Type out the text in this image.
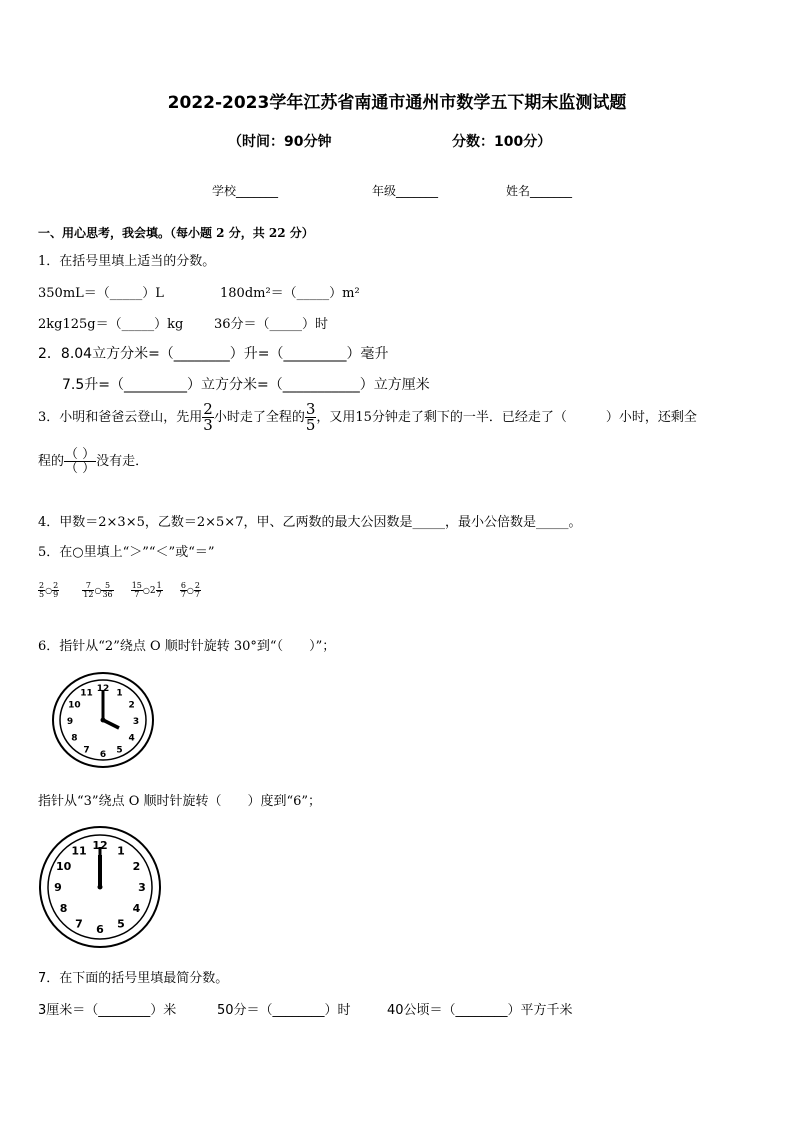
2022-2023学年江苏省南通市通州市数学五下期末监测试题
（时间：90分钟	分数：100分）
学校_______	年级_______	姓名_______
一、用心思考，我会填。（每小题 2 分，共 22 分）
1．在括号里填上适当的分数。
350mL＝（_____）L	180dm²＝（_____）m²
2kg125g＝（_____）kg 36分＝（_____）时
2．8.04立方分米=（________）升=（_________）毫升
7.5升=（_________）立方分米=（___________）立方厘米
3．小明和爸爸云登山，先用 $\frac{2}{3}$ 小时走了全程的 $\frac{3}{5}$ ，又用15分钟走了剩下的一半．已经走了（　　　）小时，还剩全
程的 $\frac{( )}{( )}$ 没有走．
4．甲数＝2×3×5，乙数＝2×5×7，甲、乙两数的最大公因数是_____，最小公倍数是_____。
5．在○里填上“＞”“＜”或“＝”
$\frac{2}{5}$ ○ $\frac{2}{9}$
	$\frac{7}{12}$ ○ $\frac{5}{36}$
$\frac{15}{7}$ ○2 $\frac{1}{7}$
$\frac{6}{7}$ ○ $\frac{2}{7}$
6．指针从“2”绕点 O 顺时针旋转 30°到“（　　）”；
12 1
2
3
4
5
6
7
8
9
10
11
指针从“3”绕点 O 顺时针旋转（　　）度到“6”；
12 1
2
3
4
5
6
7
8
9
10
11
7．在下面的括号里填最简分数。
3厘米＝（________）米	50分＝（________）时	40公顷＝（________）平方千米
